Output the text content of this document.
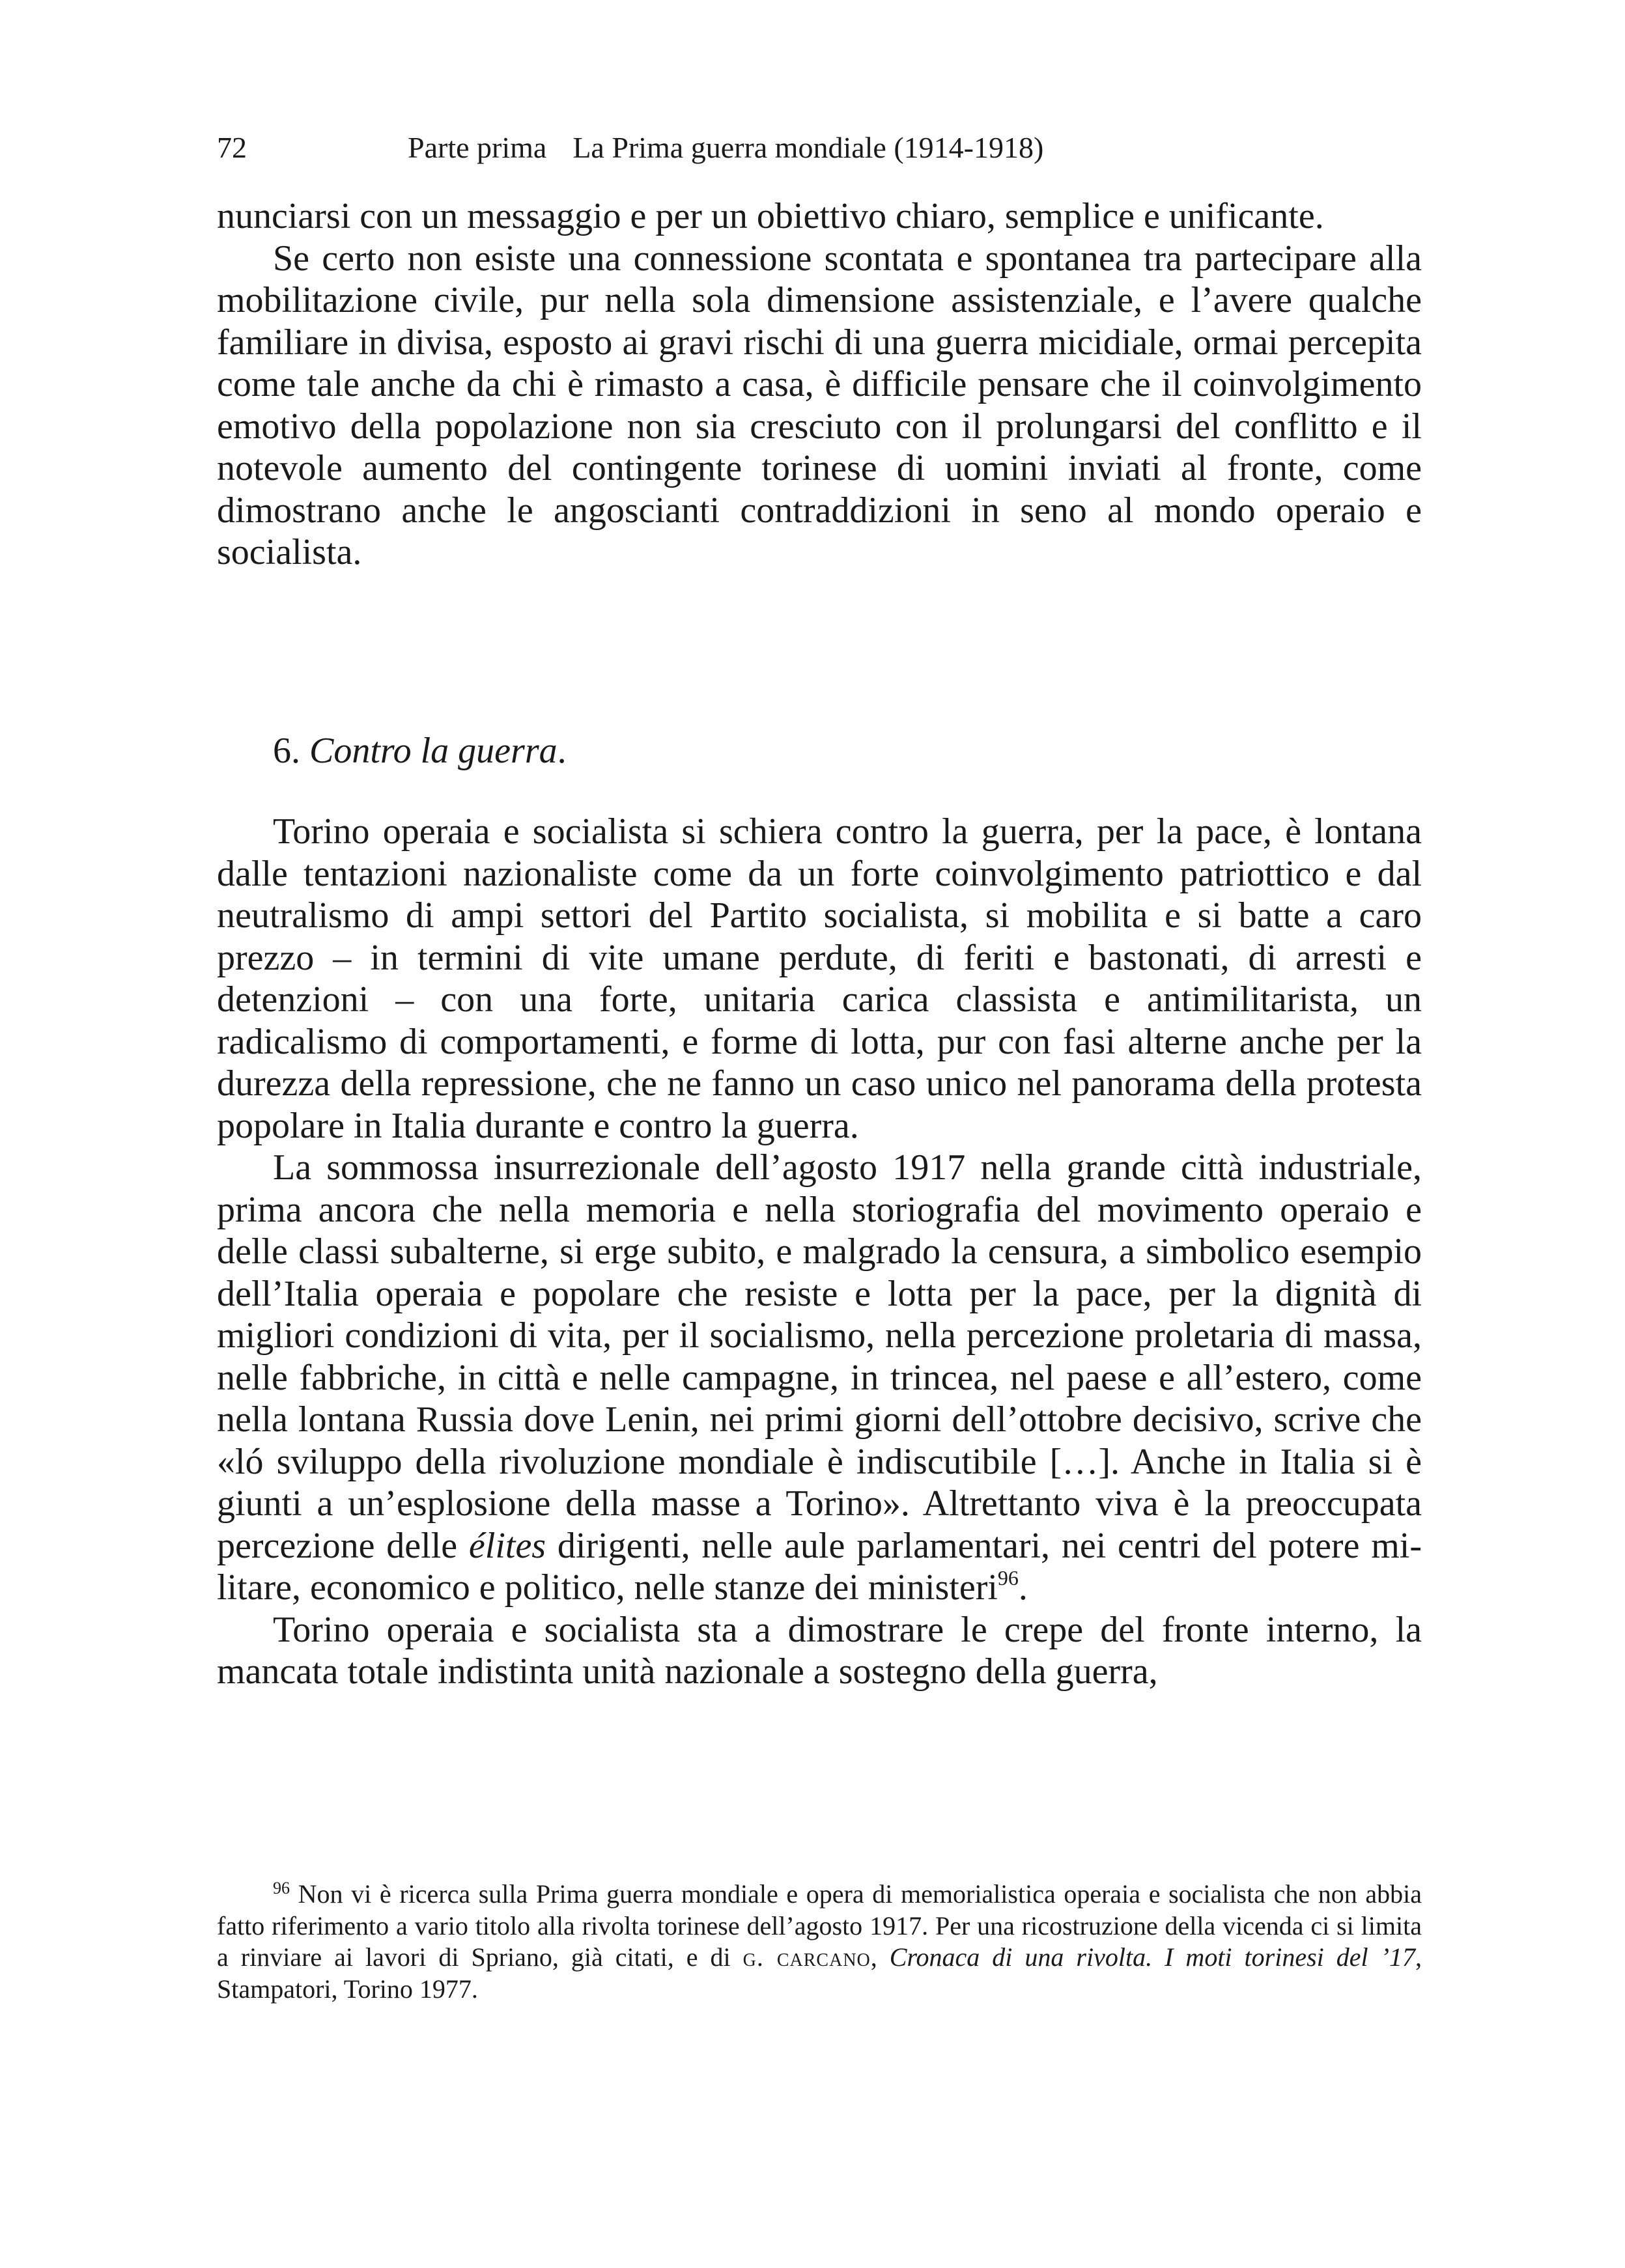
72	Parte prima La Prima guerra mondiale (1914-1918)

nunciarsi con un messaggio e per un obiettivo chiaro, semplice e unificante.

Se certo non esiste una connessione scontata e spontanea tra partecipare alla mobilitazione civile, pur nella sola dimensione assistenziale, e l’avere qualche familiare in divisa, esposto ai gravi rischi di una guerra micidiale, ormai percepita come tale anche da chi è rimasto a casa, è difficile pensare che il coinvolgimento emotivo della popolazione non sia cresciuto con il prolungarsi del conflitto e il notevole aumento del contingente torinese di uomini inviati al fronte, come dimostrano anche le angoscianti contraddizioni in seno al mondo operaio e socialista.

6. Contro la guerra.

Torino operaia e socialista si schiera contro la guerra, per la pace, è lontana dalle tentazioni nazionaliste come da un forte coinvolgimento patriottico e dal neutralismo di ampi settori del Partito socialista, si mobilita e si batte a caro prezzo – in termini di vite umane perdute, di feriti e bastonati, di arresti e detenzioni – con una forte, unitaria carica classista e antimilitarista, un radicalismo di comportamenti, e forme di lotta, pur con fasi alterne anche per la durezza della repressione, che ne fanno un caso unico nel panorama della protesta popolare in Italia durante e contro la guerra.

La sommossa insurrezionale dell’agosto 1917 nella grande città industriale, prima ancora che nella memoria e nella storiografia del movimento operaio e delle classi subalterne, si erge subito, e malgrado la censura, a simbolico esempio dell’Italia operaia e popolare che resiste e lotta per la pace, per la dignità di migliori condizioni di vita, per il socialismo, nella percezione proletaria di massa, nelle fabbriche, in città e nelle campagne, in trincea, nel paese e all’estero, come nella lontana Russia dove Lenin, nei primi giorni dell’ottobre decisivo, scrive che «ló sviluppo della rivoluzione mondiale è indiscutibile […]. Anche in Italia si è giunti a un’esplosione della masse a Torino». Altrettanto viva è la preoccupata percezione delle élites dirigenti, nelle aule parlamentari, nei centri del potere militare, economico e politico, nelle stanze dei ministeri$^{96}$.

Torino operaia e socialista sta a dimostrare le crepe del fronte interno, la mancata totale indistinta unità nazionale a sostegno della guerra,

$^{96}$ Non vi è ricerca sulla Prima guerra mondiale e opera di memorialistica operaia e socialista che non abbia fatto riferimento a vario titolo alla rivolta torinese dell’agosto 1917. Per una ricostruzione della vicenda ci si limita a rinviare ai lavori di Spriano, già citati, e di g. carcano, Cronaca di una rivolta. I moti torinesi del ’17, Stampatori, Torino 1977.
